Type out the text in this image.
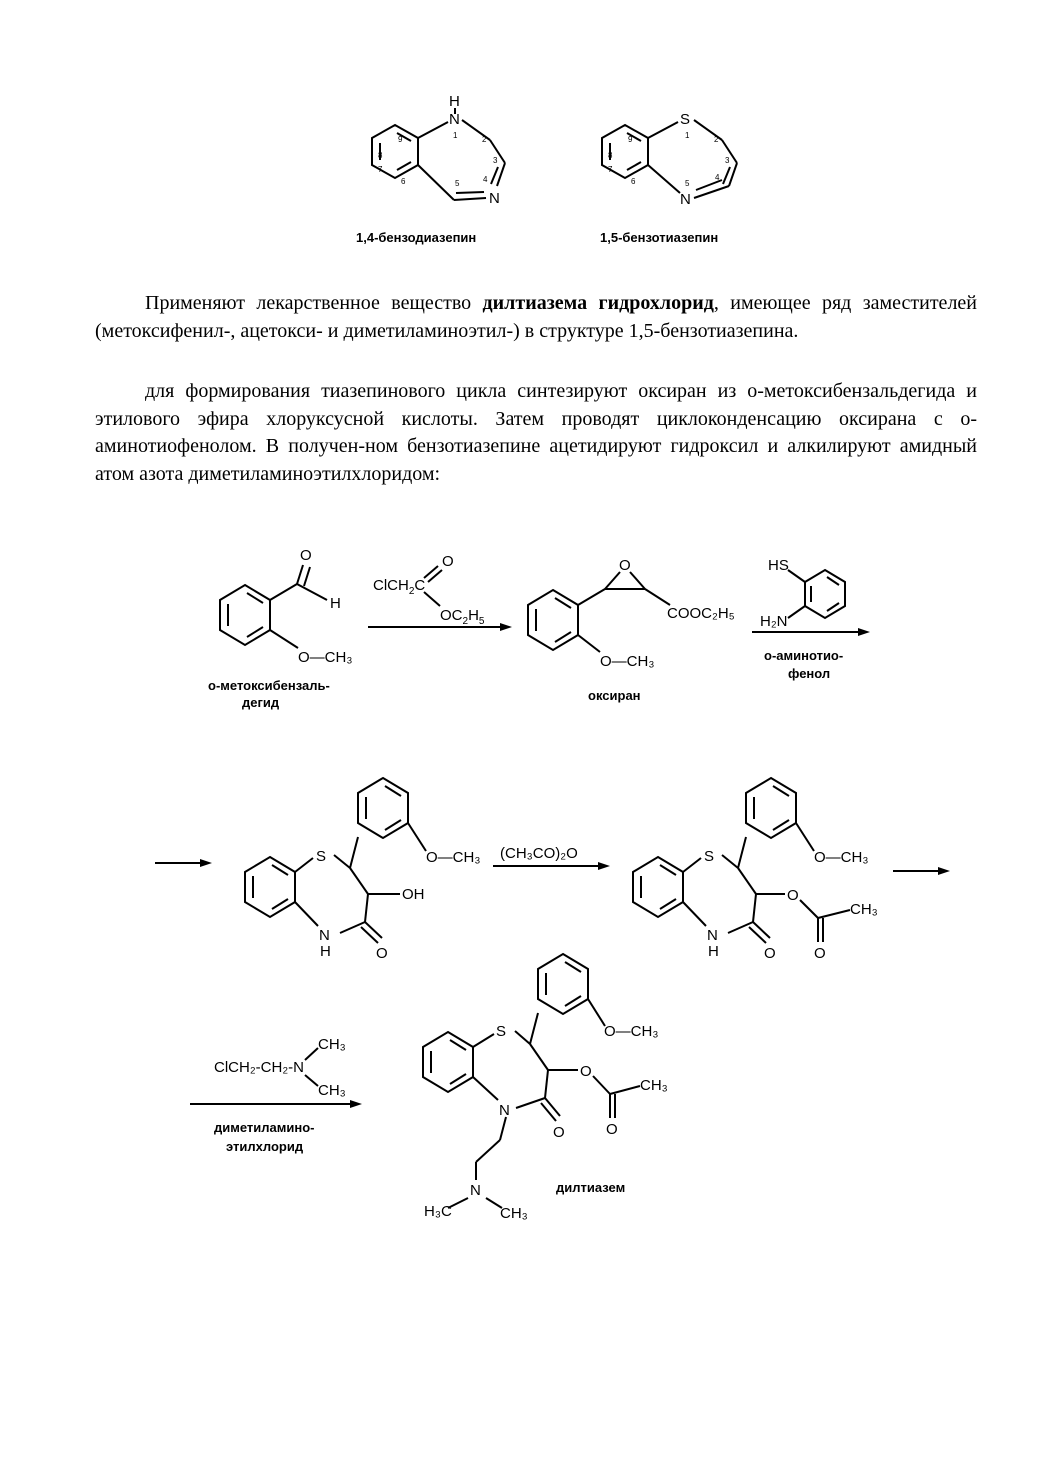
H
N
N
1	2
3
4
5
6
7
8
9
1,4-бензодиазепин
S
N
1	2
3
4
5
6
7
8
9
1,5-бензотиазепин
O
H
O—CH₃
о-метоксибензаль-
дегид
ClCH$_2$C
O
$OC_2H_5$
O
COOC₂H₅
O—CH₃
оксиран
HS
H₂N
о-аминотио-
фенол
S
N
H	O
OH
O—CH₃ (CH₃CO)₂O	S
N
H	O
O
O
CH₃
O—CH₃
CH₃
ClCH₂-CH₂-N
CH₃
диметиламино-
этилхлорид
S
N
O
O
O
CH₃
O—CH₃
N
H₃C	CH₃
дилтиазем

Применяют лекарственное вещество дилтиазема гидрохлорид, имеющее ряд заместителей (метоксифенил-, ацетокси- и диметиламиноэтил-) в структуре 1,5-бензотиазепина.

для формирования тиазепинового цикла синтезируют оксиран из о-метоксибензальдегида и этилового эфира хлоруксусной кислоты. Затем проводят циклоконденсацию оксирана с о-аминотиофенолом. В получен-ном бензотиазепине ацетидируют гидроксил и алкилируют амидный атом азота диметиламиноэтилхлоридом:
